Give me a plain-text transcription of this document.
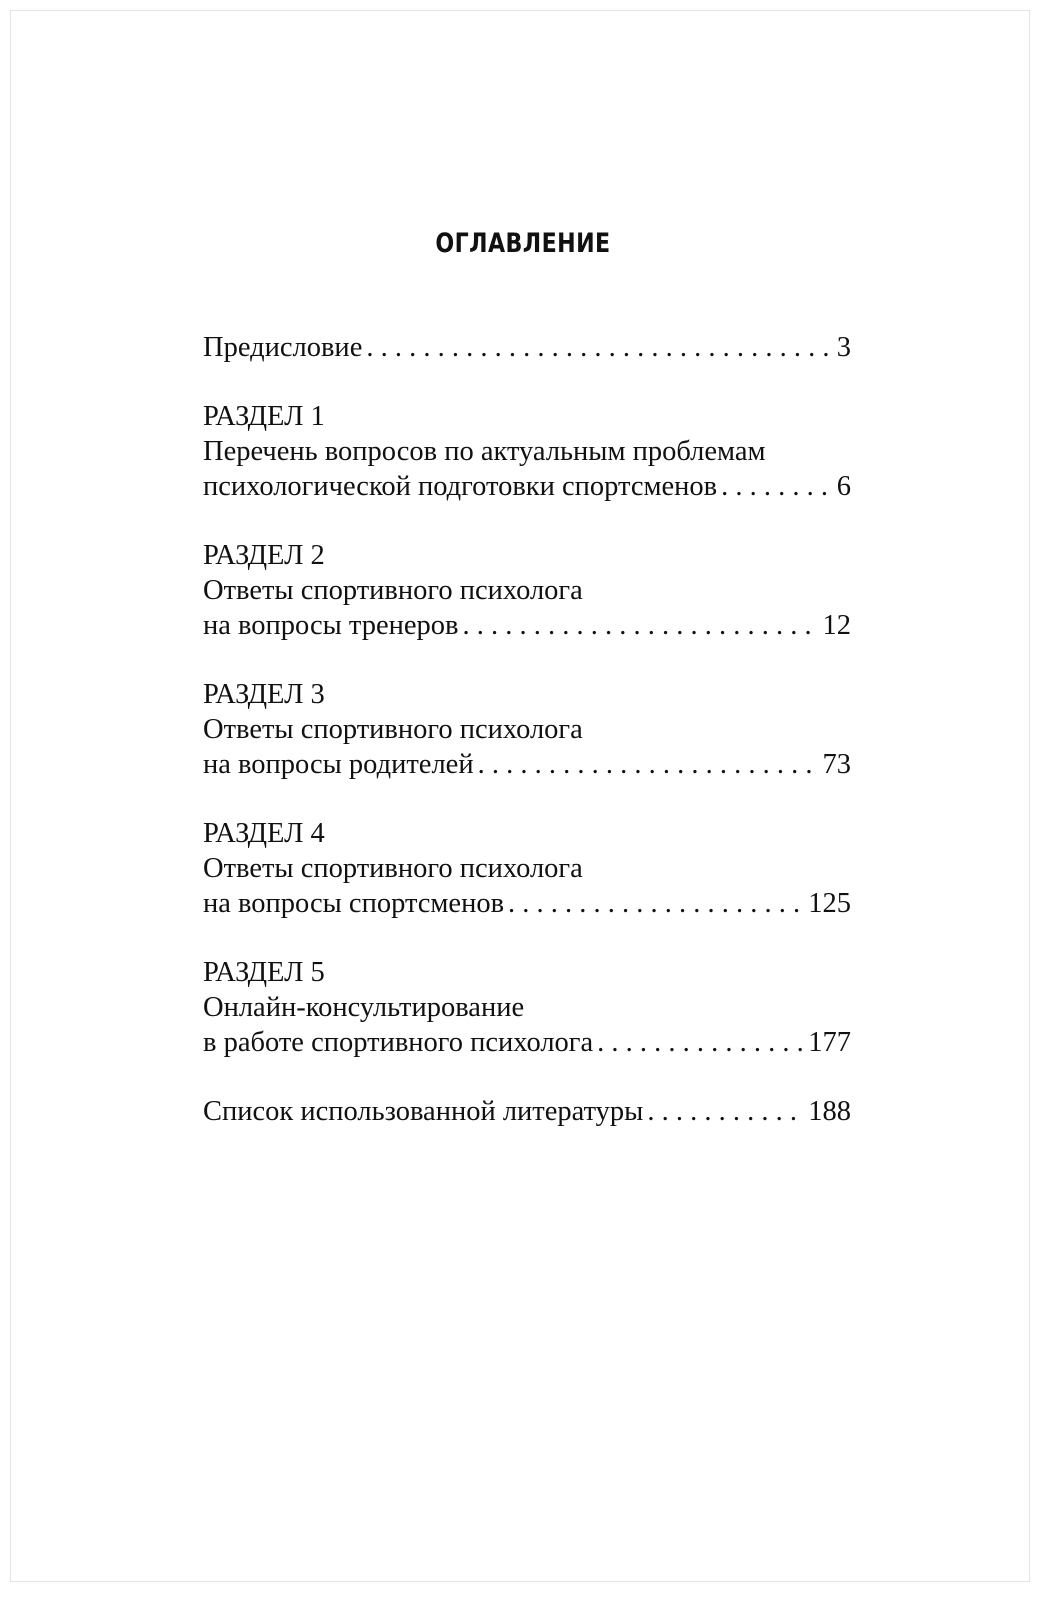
ОГЛАВЛЕНИЕ
Предисловие . . .	3
РАЗДЕЛ 1
Перечень вопросов по актуальным проблемам
психологической подготовки спортсменов . . .	6
РАЗДЕЛ 2
Ответы спортивного психолога
на вопросы тренеров . . .	12
РАЗДЕЛ 3
Ответы спортивного психолога
на вопросы родителей . . .	73
РАЗДЕЛ 4
Ответы спортивного психолога
на вопросы спортсменов . . .	125
РАЗДЕЛ 5
Онлайн-консультирование
в работе спортивного психолога . . .	177
Список использованной литературы . . .	188
